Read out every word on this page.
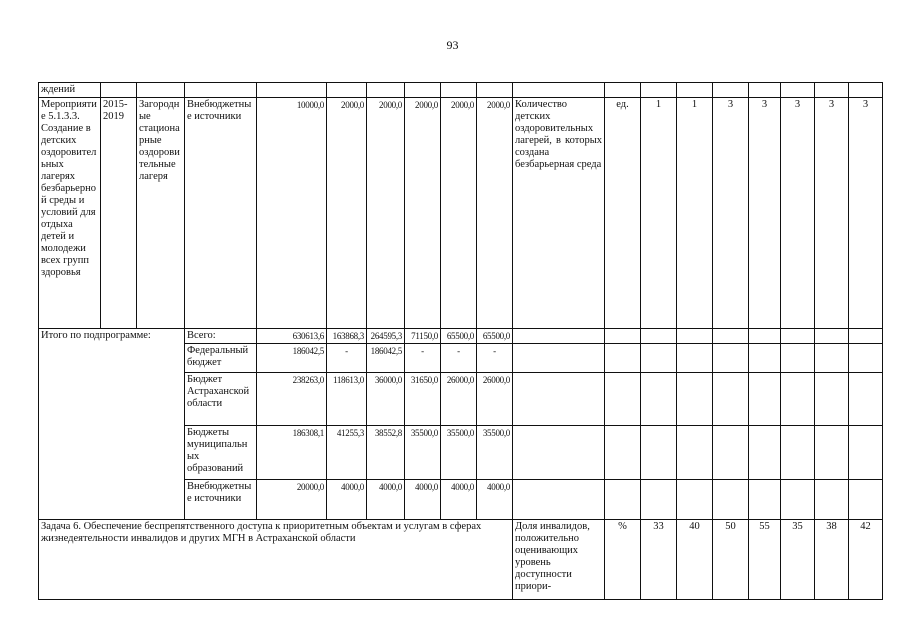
93
ждений																		
Мероприятие 5.1.3.3. Создание в детских оздоровительных лагерях безбарьерной среды и условий для отдыха детей и молодежи всех групп здоровья	2015-2019	Загородные стационарные оздоровительные лагеря	Внебюджетные источники	10000,0	2000,0	2000,0	2000,0	2000,0	2000,0	Количество детских оздоровительных лагерей, в которых создана безбарьерная среда	ед.	1	1	3	3	3	3	3
Итого по подпрограмме:			Всего:	630613,6	163868,3	264595,3	71150,0	65500,0	65500,0									
			Федеральный бюджет	186042,5	-	186042,5	-	-	-									
			Бюджет Астраханской области	238263,0	118613,0	36000,0	31650,0	26000,0	26000,0									
			Бюджеты муниципальных образований	186308,1	41255,3	38552,8	35500,0	35500,0	35500,0									
			Внебюджетные источники	20000,0	4000,0	4000,0	4000,0	4000,0	4000,0									
Задача 6. Обеспечение беспрепятственного доступа к приоритетным объектам и услугам в сферах жизнедеятельности инвалидов и других МГН в Астраханской области										Доля инвалидов, положительно оценивающих уровень доступности приори-	%	33	40	50	55	35	38	42
